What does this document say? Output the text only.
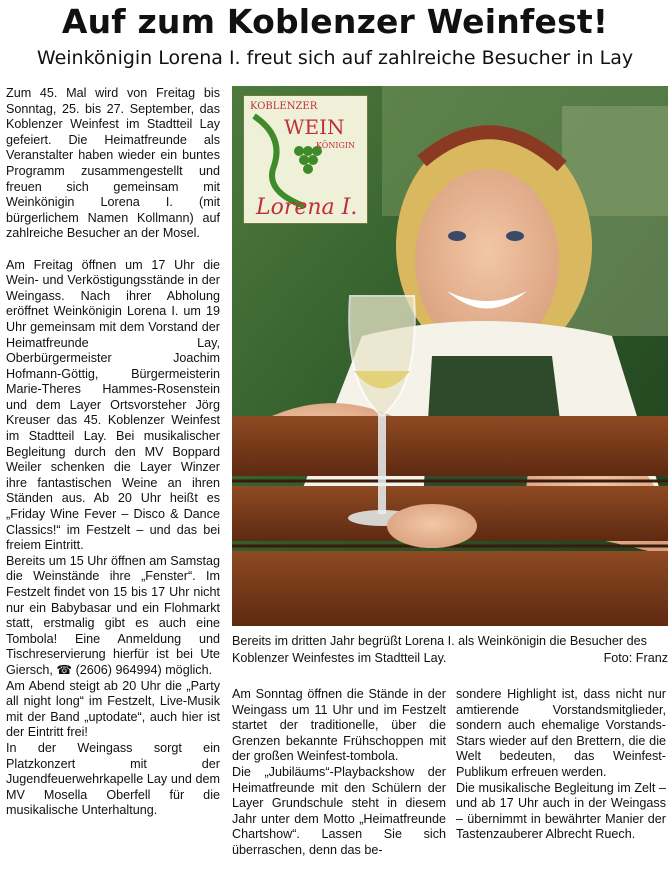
Auf zum Koblenzer Weinfest!
Weinkönigin Lorena I. freut sich auf zahlreiche Besucher in Lay

Zum 45. Mal wird von Freitag bis Sonntag, 25. bis 27. September, das Koblenzer Weinfest im Stadtteil Lay gefeiert. Die Heimatfreunde als Veranstalter haben wieder ein buntes Programm zusammengestellt und freuen sich gemeinsam mit Weinkönigin Lorena I. (mit bürgerlichem Namen Kollmann) auf zahlreiche Besucher an der Mosel.

Am Freitag öffnen um 17 Uhr die Wein- und Verköstigungsstände in der Weingass. Nach ihrer Abholung eröffnet Weinkönigin Lorena I. um 19 Uhr gemeinsam mit dem Vorstand der Heimatfreunde Lay, Oberbürgermeister Joachim Hofmann-Göttig, Bürgermeisterin Marie-Theres Hammes-Rosenstein und dem Layer Ortsvorsteher Jörg Kreuser das 45. Koblenzer Weinfest im Stadtteil Lay. Bei musikalischer Begleitung durch den MV Boppard Weiler schenken die Layer Winzer ihre fantastischen Weine an ihren Ständen aus. Ab 20 Uhr heißt es „Friday Wine Fever – Disco & Dance Classics!“ im Festzelt – und das bei freiem Eintritt.

Bereits um 15 Uhr öffnen am Samstag die Weinstände ihre „Fenster“. Im Festzelt findet von 15 bis 17 Uhr nicht nur ein Babybasar und ein Flohmarkt statt, erstmalig gibt es auch eine Tombola! Eine Anmeldung und Tischreservierung hierfür ist bei Ute Giersch, ☎ (2606) 964994) möglich.

Am Abend steigt ab 20 Uhr die „Party all night long“ im Festzelt, Live-Musik mit der Band „uptodate“, auch hier ist der Eintritt frei!

In der Weingass sorgt ein Platzkonzert mit der Jugendfeuerwehrkapelle Lay und dem MV Mosella Oberfell für die musikalische Unterhaltung.

KOBLENZER
WEIN
KÖNIGIN
Lorena I.
Bereits im dritten Jahr begrüßt Lorena I. als Weinkönigin die Besucher des Koblenzer Weinfestes im Stadtteil Lay.	Foto: Franz

Am Sonntag öffnen die Stände in der Weingass um 11 Uhr und im Festzelt startet der traditionelle, über die Grenzen bekannte Frühschoppen mit der großen Weinfest-tombola.

Die „Jubiläums“-Playbackshow der Heimatfreunde mit den Schülern der Layer Grundschule steht in diesem Jahr unter dem Motto „Heimatfreunde Chartshow“. Lassen Sie sich überraschen, denn das be-

sondere Highlight ist, dass nicht nur amtierende Vorstandsmitglieder, sondern auch ehemalige Vorstands-Stars wieder auf den Brettern, die die Welt bedeuten, das Weinfest-Publikum erfreuen werden.

Die musikalische Begleitung im Zelt – und ab 17 Uhr auch in der Weingass – übernimmt in bewährter Manier der Tastenzauberer Albrecht Ruech.
